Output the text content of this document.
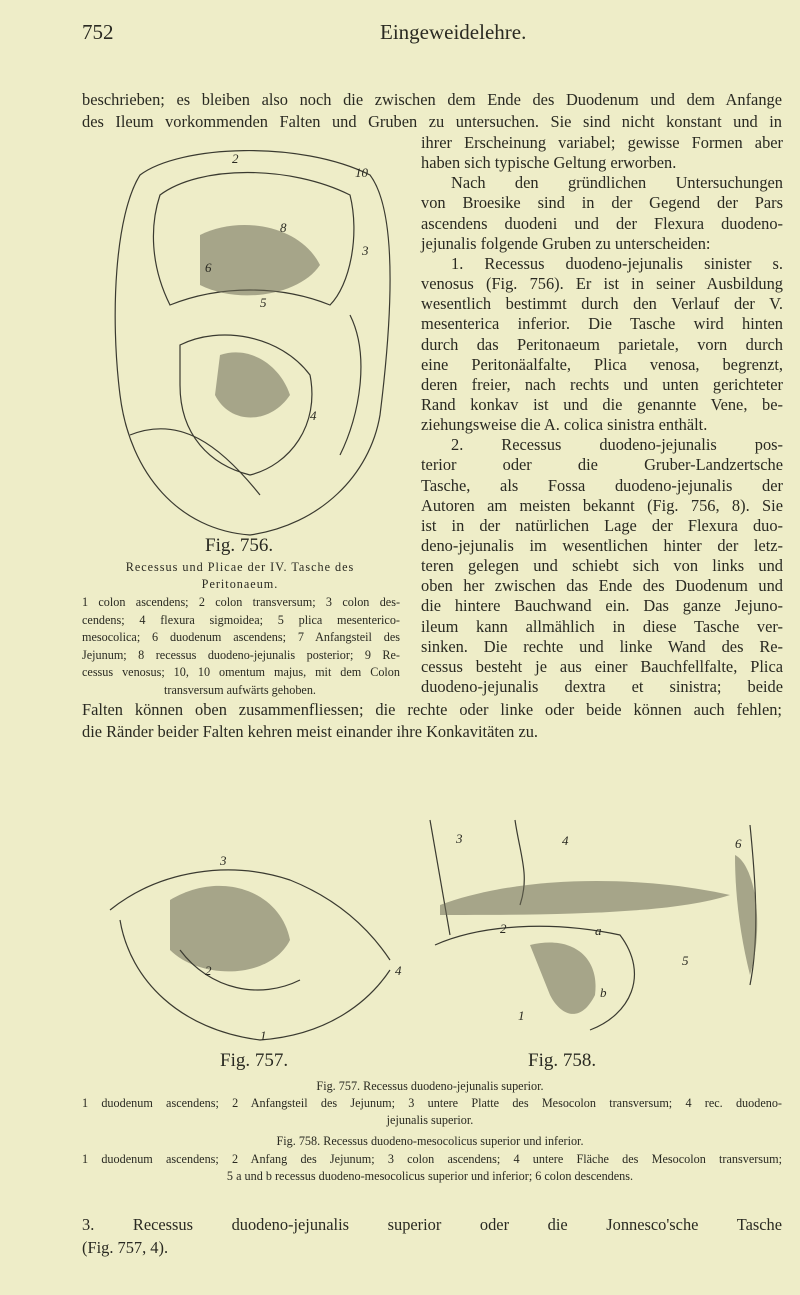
752	Eingeweidelehre.
beschrieben; es bleiben also noch die zwischen dem Ende des Duodenum und dem Anfange
des Ileum vorkommenden Falten und Gruben zu untersuchen. Sie sind nicht konstant und in
ihrer Erscheinung variabel; gewisse Formen aber
haben sich typische Geltung erworben.
Nach den gründlichen Untersuchungen
von Broesike sind in der Gegend der Pars
ascendens duodeni und der Flexura duodeno-
jejunalis folgende Gruben zu unterscheiden:
1. Recessus duodeno-jejunalis sinister s.
venosus (Fig. 756). Er ist in seiner Ausbildung
wesentlich bestimmt durch den Verlauf der V.
mesenterica inferior. Die Tasche wird hinten
durch das Peritonaeum parietale, vorn durch
eine Peritonäalfalte, Plica venosa, begrenzt,
deren freier, nach rechts und unten gerichteter
Rand konkav ist und die genannte Vene, be-
ziehungsweise die A. colica sinistra enthält.
2. Recessus duodeno-jejunalis pos-
terior oder die Gruber-Landzertsche
Tasche, als Fossa duodeno-jejunalis der
Autoren am meisten bekannt (Fig. 756, 8). Sie
ist in der natürlichen Lage der Flexura duo-
deno-jejunalis im wesentlichen hinter der letz-
teren gelegen und schiebt sich von links und
oben her zwischen das Ende des Duodenum und
die hintere Bauchwand ein. Das ganze Jejuno-
ileum kann allmählich in diese Tasche ver-
sinken. Die rechte und linke Wand des Re-
cessus besteht je aus einer Bauchfellfalte, Plica
duodeno-jejunalis dextra et sinistra; beide
Falten können oben zusammenfliessen; die rechte oder linke oder beide können auch fehlen;
die Ränder beider Falten kehren meist einander ihre Konkavitäten zu.
2
10
3
8
6
5
4
Fig. 756.
Recessus und Plicae der IV. Tasche des
Peritonaeum.
1 colon ascendens; 2 colon transversum; 3 colon des-
cendens; 4 flexura sigmoidea; 5 plica mesenterico-
mesocolica; 6 duodenum ascendens; 7 Anfangsteil des
Jejunum; 8 recessus duodeno-jejunalis posterior; 9 Re-
cessus venosus; 10, 10 omentum majus, mit dem Colon
transversum aufwärts gehoben.
3
2	4
1
Fig. 757.
3	4	6
2	a
5
b
1
Fig. 758.
Fig. 757. Recessus duodeno-jejunalis superior.
1 duodenum ascendens; 2 Anfangsteil des Jejunum; 3 untere Platte des Mesocolon transversum; 4 rec. duodeno-
jejunalis superior.
Fig. 758. Recessus duodeno-mesocolicus superior und inferior.
1 duodenum ascendens; 2 Anfang des Jejunum; 3 colon ascendens; 4 untere Fläche des Mesocolon transversum;
5 a und b recessus duodeno-mesocolicus superior und inferior; 6 colon descendens.
3. Recessus duodeno-jejunalis superior oder die Jonnesco'sche Tasche
(Fig. 757, 4).
